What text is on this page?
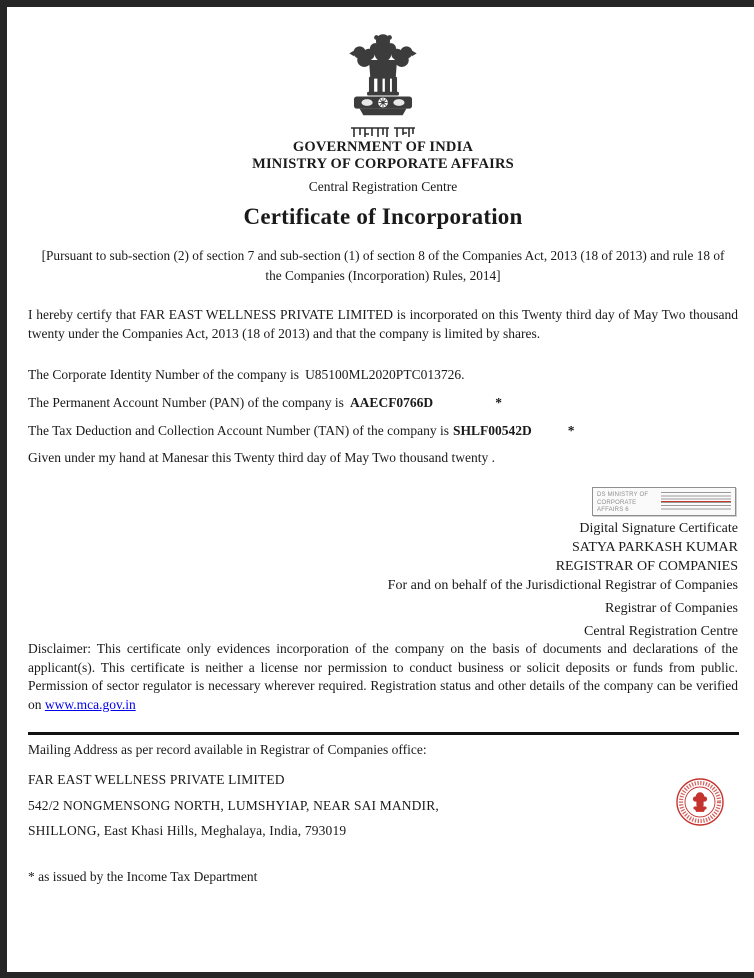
GOVERNMENT OF INDIA
MINISTRY OF CORPORATE AFFAIRS
Central Registration Centre
Certificate of Incorporation
[Pursuant to sub-section (2) of section 7 and sub-section (1) of section 8 of the Companies Act, 2013 (18 of 2013) and rule 18 of the Companies (Incorporation) Rules, 2014]
I hereby certify that FAR EAST WELLNESS PRIVATE LIMITED is incorporated on this Twenty third day of May Two thousand twenty under the Companies Act, 2013 (18 of 2013) and that the company is limited by shares.
The Corporate Identity Number of the company is U85100ML2020PTC013726.
The Permanent Account Number (PAN) of the company is AAECF0766D	*
The Tax Deduction and Collection Account Number (TAN) of the company is SHLF00542D	*
Given under my hand at Manesar this Twenty third day of May Two thousand twenty .
DS MINISTRY OF CORPORATE AFFAIRS 6
Digital Signature Certificate
SATYA PARKASH KUMAR
REGISTRAR OF COMPANIES
For and on behalf of the Jurisdictional Registrar of Companies
Registrar of Companies
Central Registration Centre
Disclaimer: This certificate only evidences incorporation of the company on the basis of documents and declarations of the applicant(s). This certificate is neither a license nor permission to conduct business or solicit deposits or funds from public. Permission of sector regulator is necessary wherever required. Registration status and other details of the company can be verified on www.mca.gov.in
Mailing Address as per record available in Registrar of Companies office:
FAR EAST WELLNESS PRIVATE LIMITED
542/2 NONGMENSONG NORTH, LUMSHYIAP, NEAR SAI MANDIR,
SHILLONG, East Khasi Hills, Meghalaya, India, 793019
* as issued by the Income Tax Department
